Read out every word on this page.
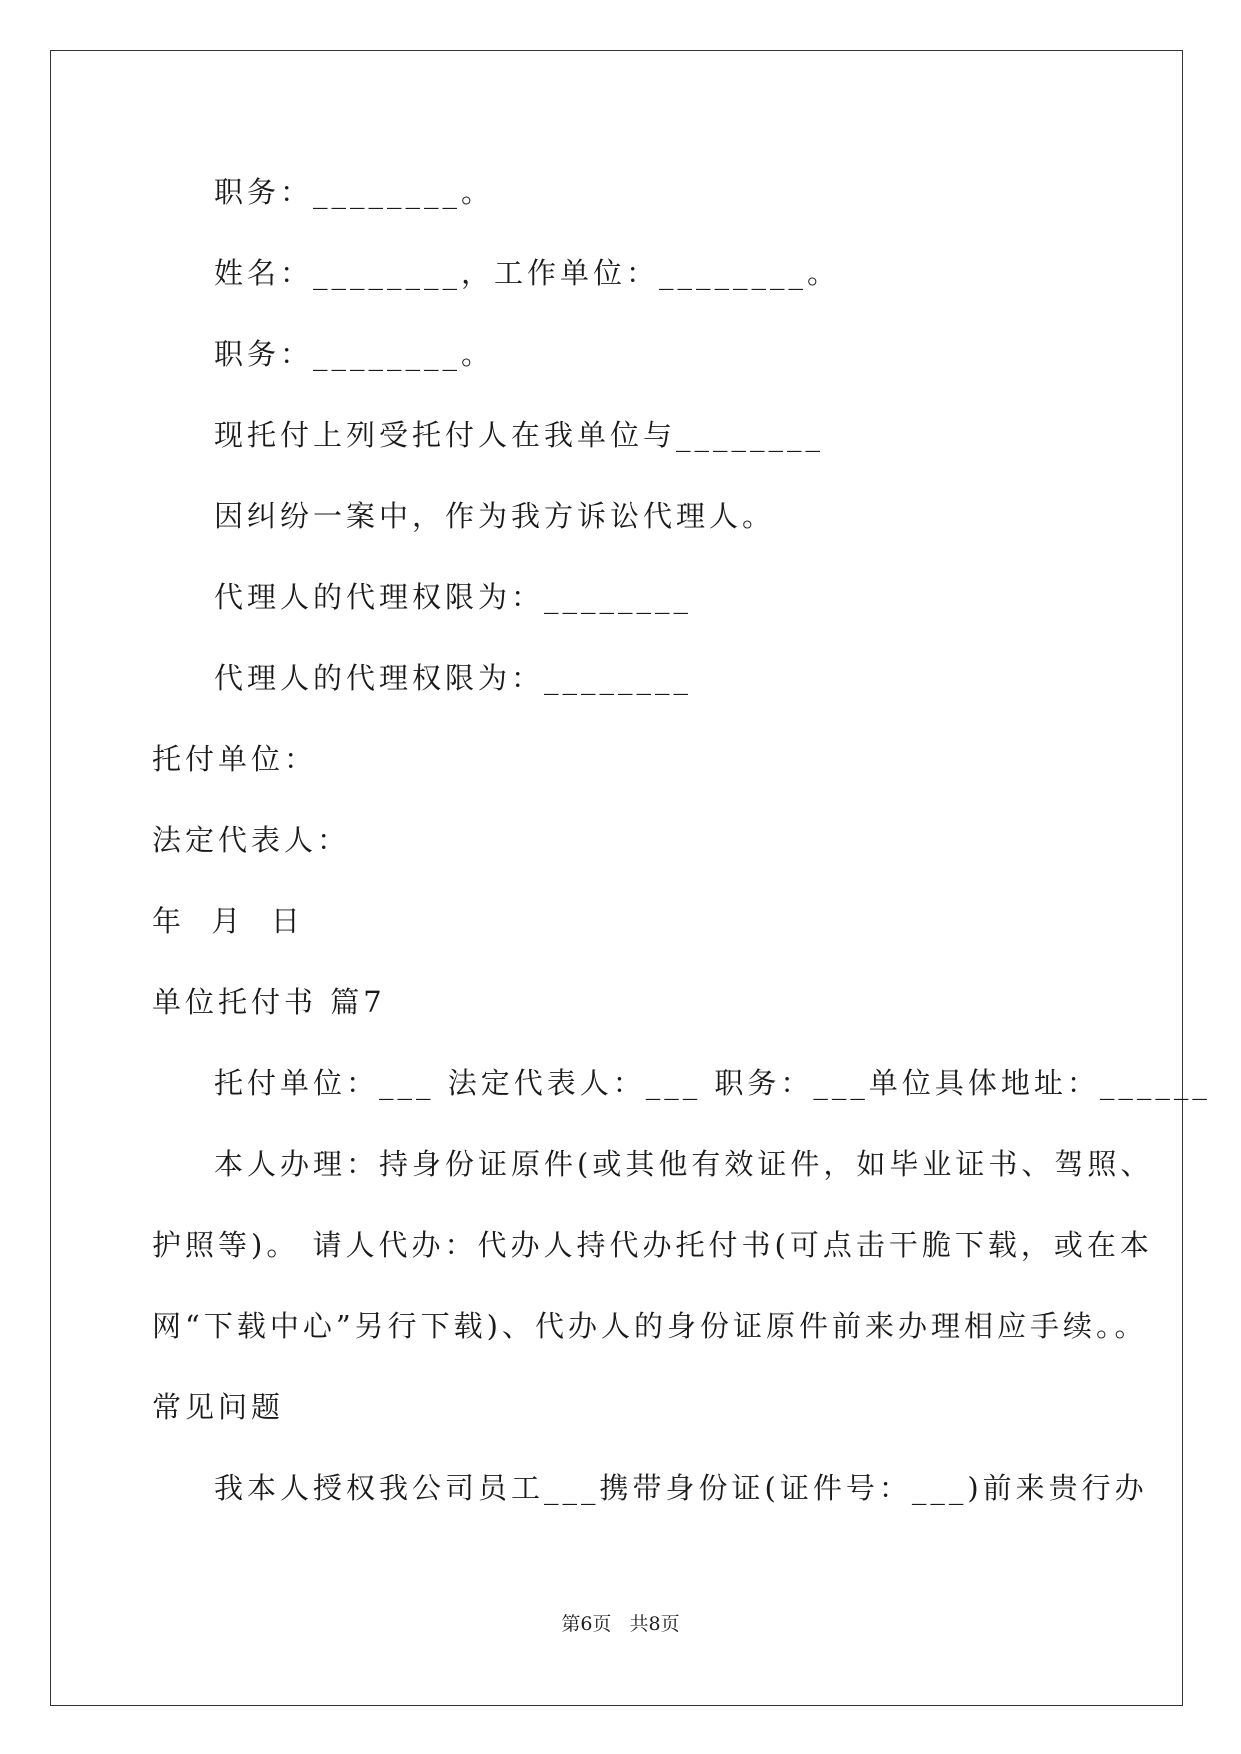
职务：________。
姓名：________，工作单位：________。
职务：________。
现托付上列受托付人在我单位与________
因纠纷一案中，作为我方诉讼代理人。
代理人的代理权限为：________
代理人的代理权限为：________
托付单位：
法定代表人：
年  月  日
单位托付书 篇7
托付单位：___ 法定代表人：___ 职务：___单位具体地址：______
本人办理：持身份证原件(或其他有效证件，如毕业证书、驾照、
护照等)。 请人代办：代办人持代办托付书(可点击干脆下载，或在本
网“下载中心”另行下载)、代办人的身份证原件前来办理相应手续。。
常见问题
我本人授权我公司员工___携带身份证(证件号：___)前来贵行办
第6页   共8页
